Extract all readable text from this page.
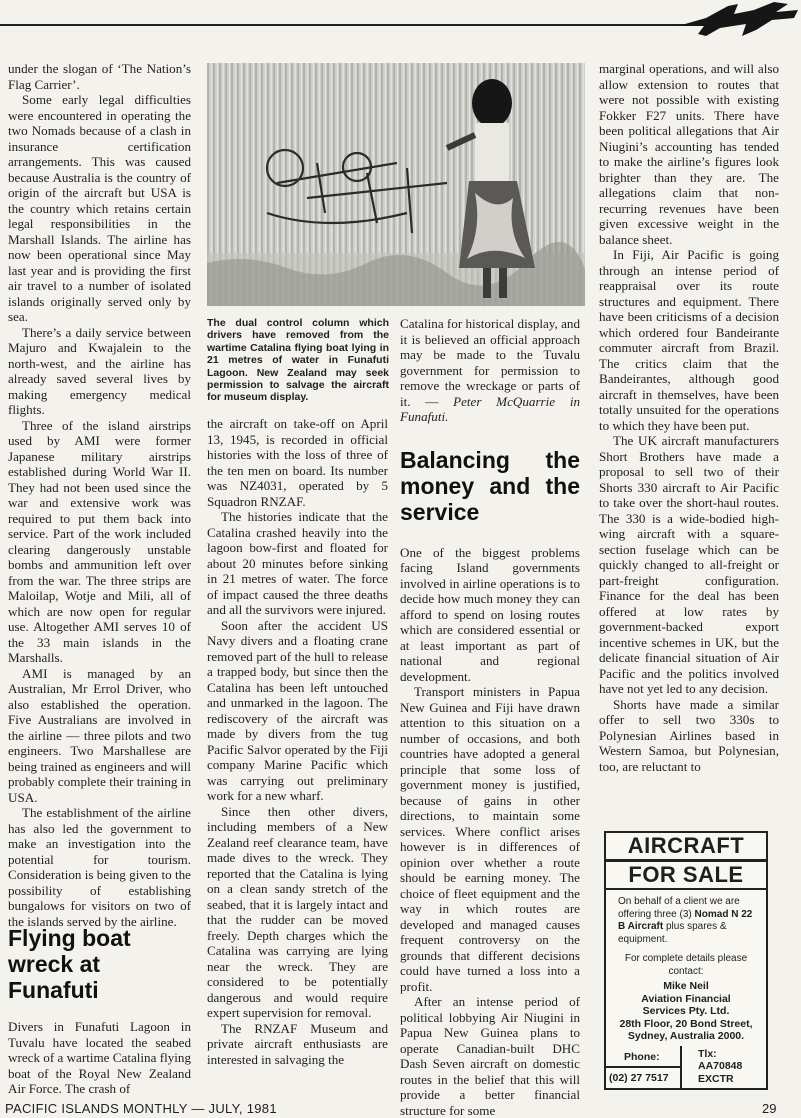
under the slogan of ‘The Nation’s Flag Carrier’.

Some early legal difficulties were encountered in operating the two Nomads because of a clash in insurance certification arrangements. This was caused because Australia is the country of origin of the aircraft but USA is the country which retains certain legal responsibilities in the Marshall Islands. The airline has now been operational since May last year and is providing the first air travel to a number of isolated islands originally served only by sea.

There’s a daily service between Majuro and Kwajalein to the north-west, and the airline has already saved several lives by making emergency medical flights.

Three of the island airstrips used by AMI were former Japanese military airstrips established during World War II. They had not been used since the war and extensive work was required to put them back into service. Part of the work included clearing dangerously unstable bombs and ammunition left over from the war. The three strips are Maloilap, Wotje and Mili, all of which are now open for regular use. Altogether AMI serves 10 of the 33 main islands in the Marshalls.

AMI is managed by an Australian, Mr Errol Driver, who also established the operation. Five Australians are involved in the airline — three pilots and two engineers. Two Marshallese are being trained as engineers and will probably complete their training in USA.

The establishment of the airline has also led the government to make an investigation into the potential for tourism. Consideration is being given to the possibility of establishing bungalows for visitors on two of the islands served by the airline.

Flying boat wreck at Funafuti

Divers in Funafuti Lagoon in Tuvalu have located the seabed wreck of a wartime Catalina flying boat of the Royal New Zealand Air Force. The crash of

The dual control column which drivers have removed from the wartime Catalina flying boat lying in 21 metres of water in Funafuti Lagoon. New Zealand may seek permission to salvage the aircraft for museum display.

the aircraft on take-off on April 13, 1945, is recorded in official histories with the loss of three of the ten men on board. Its number was NZ4031, operated by 5 Squadron RNZAF.

The histories indicate that the Catalina crashed heavily into the lagoon bow-first and floated for about 20 minutes before sinking in 21 metres of water. The force of impact caused the three deaths and all the survivors were injured.

Soon after the accident US Navy divers and a floating crane removed part of the hull to release a trapped body, but since then the Catalina has been left untouched and unmarked in the lagoon. The rediscovery of the aircraft was made by divers from the tug Pacific Salvor operated by the Fiji company Marine Pacific which was carrying out preliminary work for a new wharf.

Since then other divers, including members of a New Zealand reef clearance team, have made dives to the wreck. They reported that the Catalina is lying on a clean sandy stretch of the seabed, that it is largely intact and that the rudder can be moved freely. Depth charges which the Catalina was carrying are lying near the wreck. They are considered to be potentially dangerous and would require expert supervision for removal.

The RNZAF Museum and private aircraft enthusiasts are interested in salvaging the

Catalina for historical display, and it is believed an official approach may be made to the Tuvalu government for permission to remove the wreckage or parts of it. — Peter McQuarrie in Funafuti.

Balancing the money and the service

One of the biggest problems facing Island governments involved in airline operations is to decide how much money they can afford to spend on losing routes which are considered essential or at least important as part of national and regional development.

Transport ministers in Papua New Guinea and Fiji have drawn attention to this situation on a number of occasions, and both countries have adopted a general principle that some loss of government money is justified, because of gains in other directions, to maintain some services. Where conflict arises however is in differences of opinion over whether a route should be earning money. The choice of fleet equipment and the way in which routes are developed and managed causes frequent controversy on the grounds that different decisions could have turned a loss into a profit.

After an intense period of political lobbying Air Niugini in Papua New Guinea plans to operate Canadian-built DHC Dash Seven aircraft on domestic routes in the belief that this will provide a better financial structure for some

marginal operations, and will also allow extension to routes that were not possible with existing Fokker F27 units. There have been political allegations that Air Niugini’s accounting has tended to make the airline’s figures look brighter than they are. The allegations claim that non-recurring revenues have been given excessive weight in the balance sheet.

In Fiji, Air Pacific is going through an intense period of reappraisal over its route structures and equipment. There have been criticisms of a decision which ordered four Bandeirante commuter aircraft from Brazil. The critics claim that the Bandeirantes, although good aircraft in themselves, have been totally unsuited for the operations to which they have been put.

The UK aircraft manufacturers Short Brothers have made a proposal to sell two of their Shorts 330 aircraft to Air Pacific to take over the short-haul routes. The 330 is a wide-bodied high-wing aircraft with a square-section fuselage which can be quickly changed to all-freight or part-freight configuration. Finance for the deal has been offered at low rates by government-backed export incentive schemes in UK, but the delicate financial situation of Air Pacific and the politics involved have not yet led to any decision.

Shorts have made a similar offer to sell two 330s to Polynesian Airlines based in Western Samoa, but Polynesian, too, are reluctant to

AIRCRAFT
FOR SALE
On behalf of a client we are offering three (3) Nomad N 22 B Aircraft plus spares & equipment.
For complete details please contact:
Mike Neil
Aviation Financial
Services Pty. Ltd.
28th Floor, 20 Bond Street,
Sydney, Australia 2000.
Phone:
(02) 27 7517
Tlx:
AA70848
EXCTR
PACIFIC ISLANDS MONTHLY — JULY, 1981	29
